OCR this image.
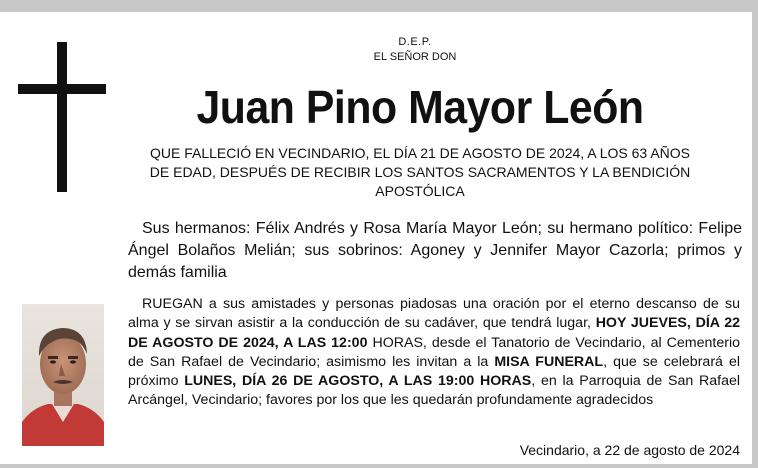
D.E.P.
EL SEÑOR DON
Juan Pino Mayor León
QUE FALLECIÓ EN VECINDARIO, EL DÍA 21 DE AGOSTO DE 2024, A LOS 63 AÑOS
DE EDAD, DESPUÉS DE RECIBIR LOS SANTOS SACRAMENTOS Y LA BENDICIÓN
APOSTÓLICA
Sus hermanos: Félix Andrés y Rosa María Mayor León; su hermano político: Felipe Ángel Bolaños Melián; sus sobrinos: Agoney y Jennifer Mayor Cazorla; primos y demás familia
RUEGAN a sus amistades y personas piadosas una oración por el eterno descanso de su alma y se sirvan asistir a la conducción de su cadáver, que tendrá lugar, HOY JUEVES, DÍA 22 DE AGOSTO DE 2024, A LAS 12:00 HORAS, desde el Tanatorio de Vecindario, al Cementerio de San Rafael de Vecindario; asimismo les invitan a la MISA FUNERAL, que se celebrará el próximo LUNES, DÍA 26 DE AGOSTO, A LAS 19:00 HORAS, en la Parroquia de San Rafael Arcángel, Vecindario; favores por los que les quedarán profundamente agradecidos
Vecindario, a 22 de agosto de 2024
